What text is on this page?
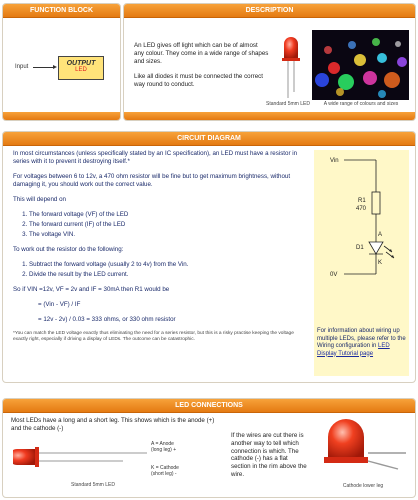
FUNCTION BLOCK
Input	OUTPUT
LED
DESCRIPTION

An LED gives off light which can be of almost any colour. They come in a wide range of shapes and sizes.

Like all diodes it must be connected the correct way round to conduct.

Standard 5mm LED	A wide range of colours and sizes
CIRCUIT DIAGRAM

In most circumstances (unless specifically stated by an IC specification), an LED must have a resistor in series with it to prevent it destroying itself.*

For voltages between 6 to 12v, a 470 ohm resistor will be fine but to get maximum brightness, without damaging it, you should work out the correct value.

This will depend on

1. The forward voltage (VF) of the LED
2. The forward current (IF) of the LED
3. The voltage VIN.

To work out the resistor do the following:

1. Subtract the forward voltage (usually 2 to 4v) from the Vin.
2. Divide the result by the LED current.

So if VIN =12v, VF = 2v and IF = 30mA then R1 would be

= (Vin - VF) / IF
= 12v - 2v) / 0.03 = 333 ohms, or 330 ohm resistor
*You can match the LED voltage exactly thus eliminating the need for a series resistor, but this is a risky practise keeping the voltage exactly right, especially if driving a display of LEDs. The outcome can be catastrophic.
Vin
R1
470
A
D1
K
0V
For information about wiring up multiple LEDs, please refer to the Wiring configuration in LED Display Tutorial page
LED CONNECTIONS
Most LEDs have a long and a short leg. This shows which is the anode (+) and the cathode (-)
A = Anode
(long leg) +
K = Cathode
(short leg) -
Standard 5mm LED
If the wires are cut there is another way to tell which connection is which. The cathode (-) has a flat section in the rim above the wire.
Cathode lower leg
